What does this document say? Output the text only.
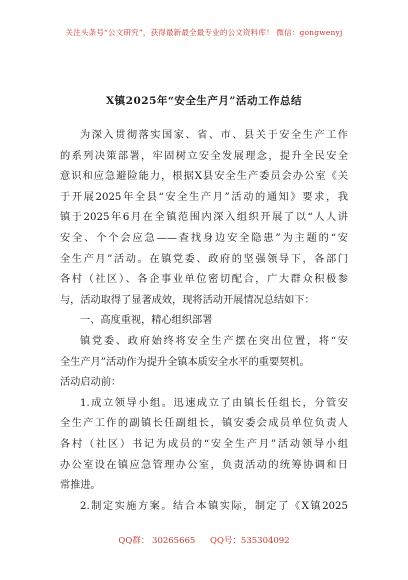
关注头条号“公文研究”，获得最新最全最专业的公文资料库！ 微信：gongwenyj
X镇2025年“安全生产月”活动工作总结
为深入贯彻落实国家、省、市、县关于安全生产工作
的系列决策部署，牢固树立安全发展理念，提升全民安全
意识和应急避险能力，根据X县安全生产委员会办公室《关
于开展2025年全县“安全生产月”活动的通知》要求，我
镇于2025年6月在全镇范围内深入组织开展了以“人人讲
安全、个个会应急——查找身边安全隐患”为主题的“安
全生产月”活动。在镇党委、政府的坚强领导下，各部门
各村（社区）、各企事业单位密切配合，广大群众积极参
与，活动取得了显著成效，现将活动开展情况总结如下：
一、高度重视，精心组织部署
镇党委、政府始终将安全生产摆在突出位置，将“安
全生产月”活动作为提升全镇本质安全水平的重要契机。
活动启动前：
1.成立领导小组。迅速成立了由镇长任组长，分管安
全生产工作的副镇长任副组长，镇安委会成员单位负责人
各村（社区）书记为成员的“安全生产月”活动领导小组
办公室设在镇应急管理办公室，负责活动的统筹协调和日
常推进。
2.制定实施方案。结合本镇实际，制定了《X镇2025
QQ群： 30265665 QQ号：535304092
